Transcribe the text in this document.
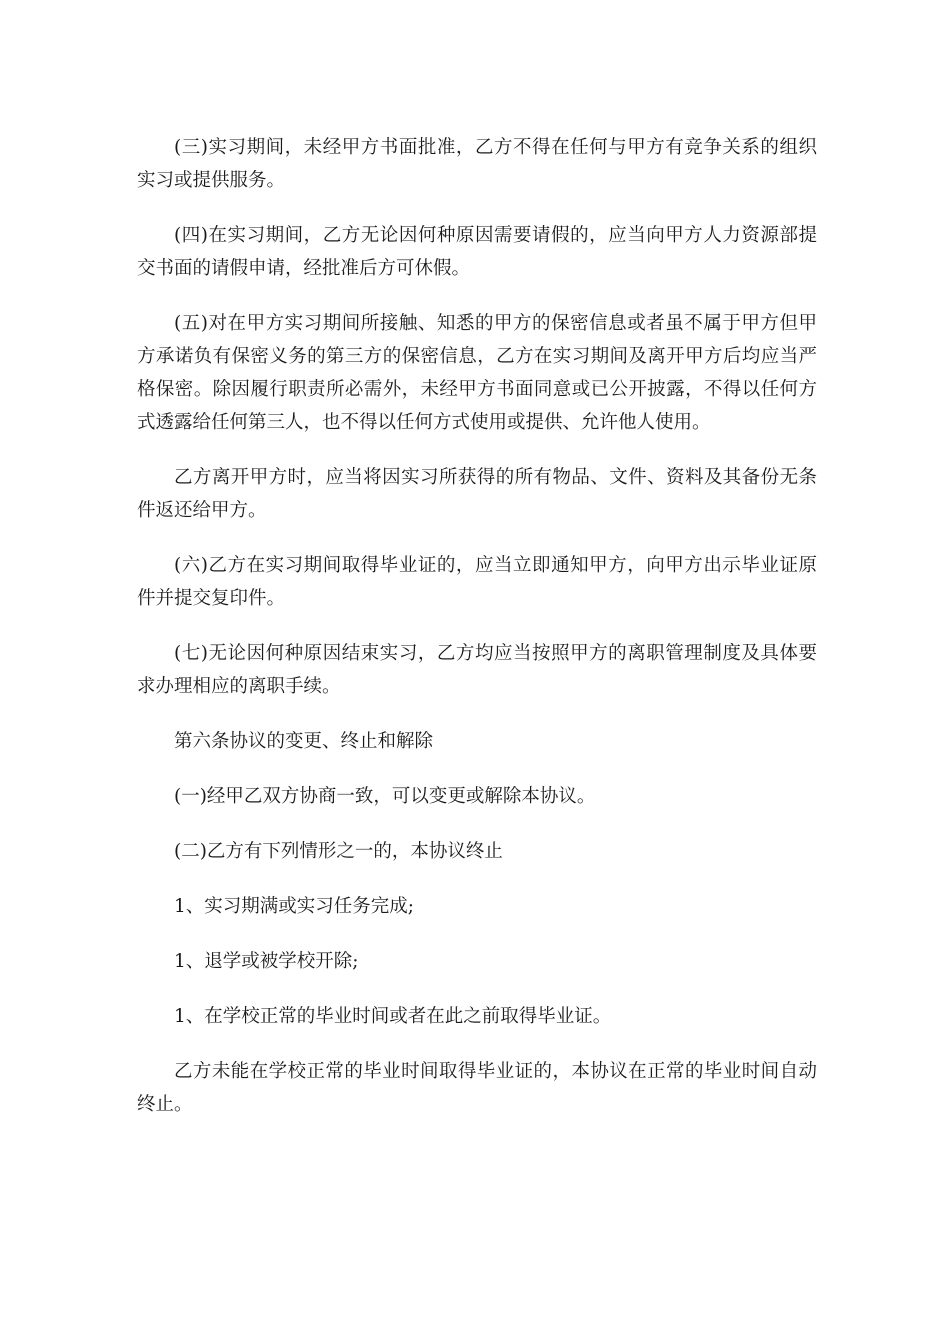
(三)实习期间，未经甲方书面批准，乙方不得在任何与甲方有竞争关系的组织实习或提供服务。

(四)在实习期间，乙方无论因何种原因需要请假的，应当向甲方人力资源部提交书面的请假申请，经批准后方可休假。

(五)对在甲方实习期间所接触、知悉的甲方的保密信息或者虽不属于甲方但甲方承诺负有保密义务的第三方的保密信息，乙方在实习期间及离开甲方后均应当严格保密。除因履行职责所必需外，未经甲方书面同意或已公开披露，不得以任何方式透露给任何第三人，也不得以任何方式使用或提供、允许他人使用。

乙方离开甲方时，应当将因实习所获得的所有物品、文件、资料及其备份无条件返还给甲方。

(六)乙方在实习期间取得毕业证的，应当立即通知甲方，向甲方出示毕业证原件并提交复印件。

(七)无论因何种原因结束实习，乙方均应当按照甲方的离职管理制度及具体要求办理相应的离职手续。

第六条协议的变更、终止和解除

(一)经甲乙双方协商一致，可以变更或解除本协议。

(二)乙方有下列情形之一的，本协议终止

1、实习期满或实习任务完成;

1、退学或被学校开除;

1、在学校正常的毕业时间或者在此之前取得毕业证。

乙方未能在学校正常的毕业时间取得毕业证的，本协议在正常的毕业时间自动终止。
